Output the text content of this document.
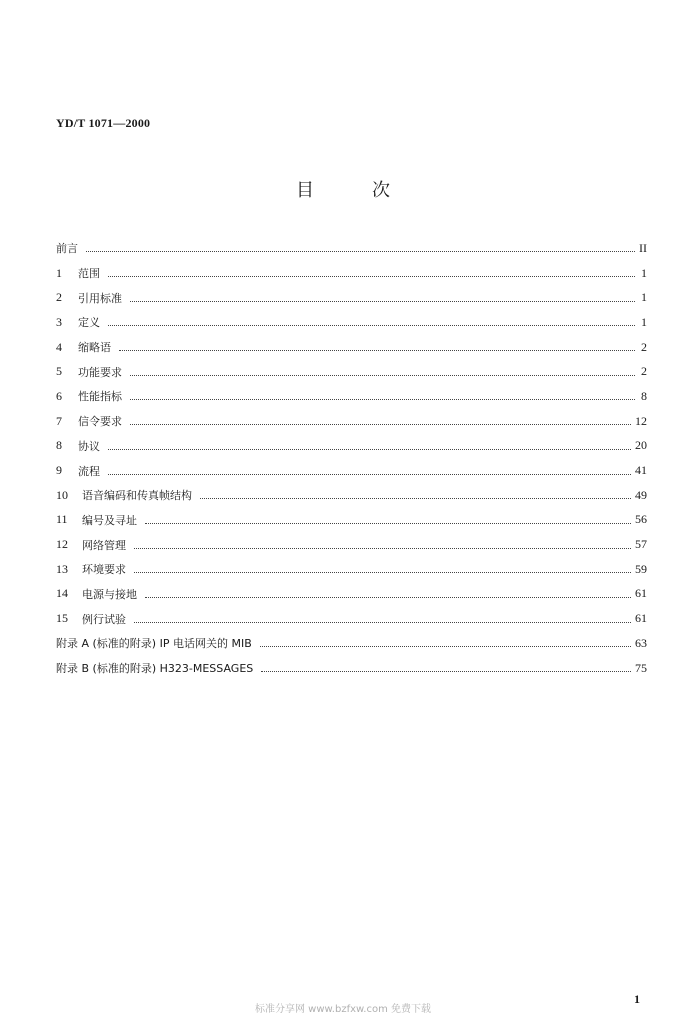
YD/T 1071—2000
目	次
前言	II
1	范围	1
2	引用标准	1
3	定义	1
4	缩略语	2
5	功能要求	2
6	性能指标	8
7	信令要求	12
8	协议	20
9	流程	41
10	语音编码和传真帧结构	49
11	编号及寻址	56
12	网络管理	57
13	环境要求	59
14	电源与接地	61
15	例行试验	61
附录 A (标准的附录) IP 电话网关的 MIB	63
附录 B (标准的附录) H323-MESSAGES	75
标准分享网 www.bzfxw.com 免费下载
1
